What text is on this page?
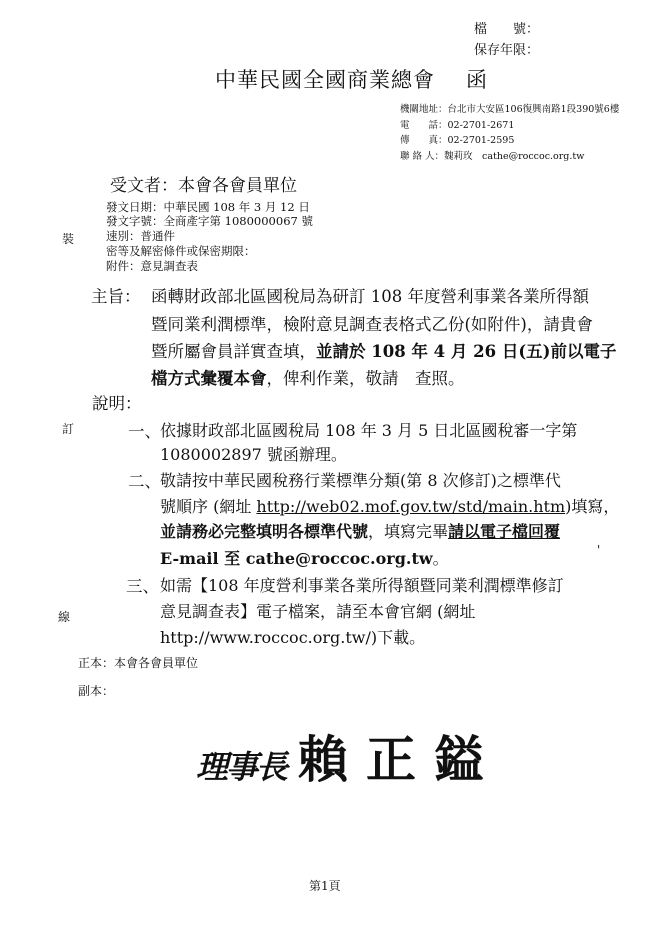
檔　　號：
保存年限：
中華民國全國商業總會 函
機關地址：台北市大安區106復興南路1段390號6樓
電　　話：02-2701-2671
傳　　真：02-2701-2595
聯 絡 人：魏莉玫　cathe@roccoc.org.tw
受文者：本會各會員單位
發文日期：中華民國 108 年 3 月 12 日
發文字號：全商產字第 1080000067 號
速別：普通件
密等及解密條件或保密期限：
附件：意見調查表
裝
訂
線
主旨： 函轉財政部北區國稅局為研訂 108 年度營利事業各業所得額
暨同業利潤標準，檢附意見調查表格式乙份(如附件)，請貴會
暨所屬會員詳實查填，並請於 108 年 4 月 26 日(五)前以電子
檔方式彙覆本會，俾利作業，敬請　查照。
說明：
一、 依據財政部北區國稅局 108 年 3 月 5 日北區國稅審一字第
1080002897 號函辦理。
二、 敬請按中華民國稅務行業標準分類(第 8 次修訂)之標準代
號順序 (網址 http://web02.mof.gov.tw/std/main.htm)填寫，
並請務必完整填明各標準代號，填寫完畢請以電子檔回覆
E-mail 至 cathe@roccoc.org.tw。	'
三、 如需【108 年度營利事業各業所得額暨同業利潤標準修訂
意見調查表】電子檔案，請至本會官網 (網址
http://www.roccoc.org.tw/)下載。
正本：本會各會員單位
副本：
理事長 賴正鎰
第1頁
